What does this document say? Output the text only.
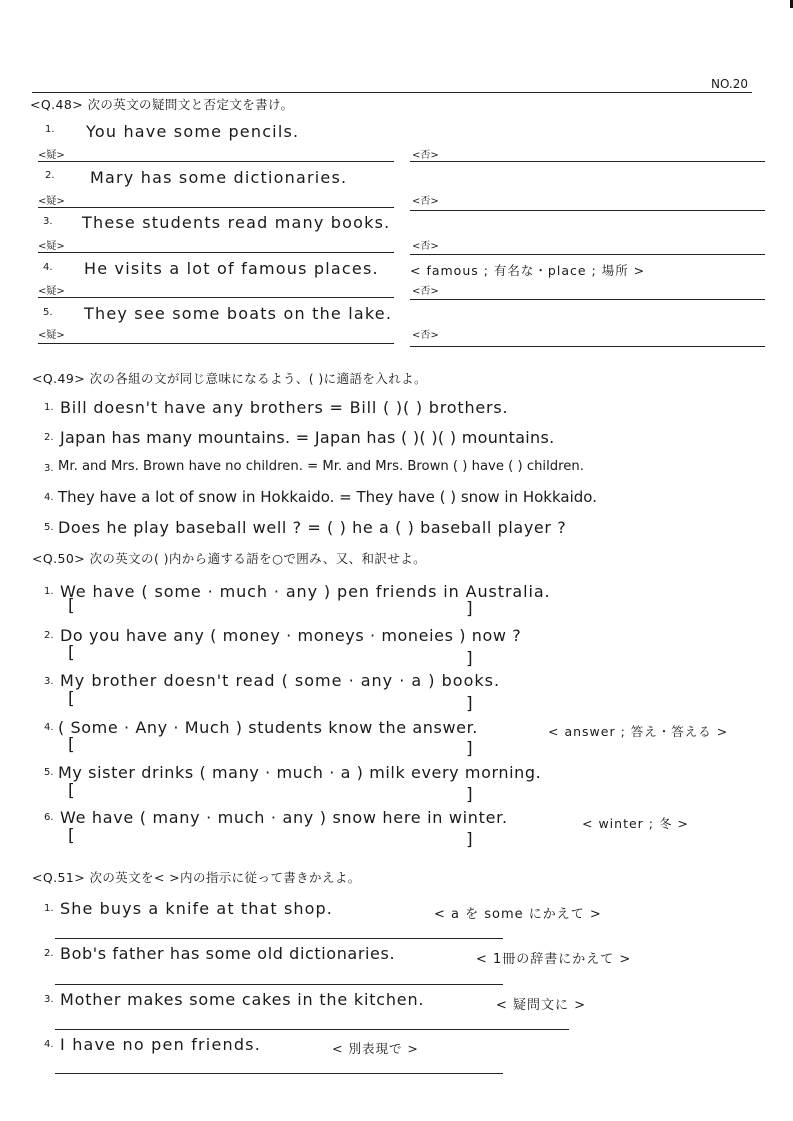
NO.20
<Q.48> 次の英文の疑問文と否定文を書け。
1. You have some pencils.
<疑>	<否>
2. Mary has some dictionaries.
<疑>	<否>
3. These students read many books.
<疑>	<否>
4. He visits a lot of famous places. < famous ; 有名な・place ; 場所 >
<疑>	<否>
5. They see some boats on the lake.
<疑>	<否>
<Q.49> 次の各組の文が同じ意味になるよう、( )に適語を入れよ。
1. Bill doesn't have any brothers = Bill ( )( ) brothers.
2. Japan has many mountains. = Japan has ( )( )( ) mountains.
3. Mr. and Mrs. Brown have no children. = Mr. and Mrs. Brown ( ) have ( ) children.
4. They have a lot of snow in Hokkaido. = They have ( ) snow in Hokkaido.
5. Does he play baseball well ? = ( ) he a ( ) baseball player ?
<Q.50> 次の英文の( )内から適する語を○で囲み、又、和訳せよ。
1. We have ( some · much · any ) pen friends in Australia.
[	]
2. Do you have any ( money · moneys · moneies ) now ?
[	]
3. My brother doesn't read ( some · any · a ) books.
[	]
4. ( Some · Any · Much ) students know the answer.	< answer ; 答え・答える >
[	]
5. My sister drinks ( many · much · a ) milk every morning.
[	]
6. We have ( many · much · any ) snow here in winter.	< winter ; 冬 >
[	]
<Q.51> 次の英文を< >内の指示に従って書きかえよ。
1. She buys a knife at that shop.	< a を some にかえて >
2. Bob's father has some old dictionaries.	< 1冊の辞書にかえて >
3. Mother makes some cakes in the kitchen.	< 疑問文に >
4. I have no pen friends.	< 別表現で >
